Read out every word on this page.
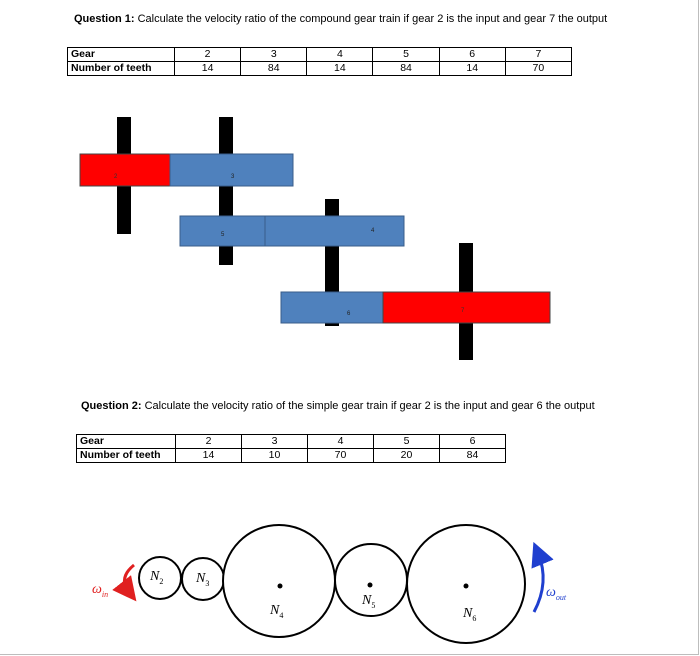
Question 1: Calculate the velocity ratio of the compound gear train if gear 2 is the input and gear 7 the output
Gear	2	3	4	5	6	7
Number of teeth	14	84	14	84	14	70
2	3
4
5
6	7
Question 2: Calculate the velocity ratio of the simple gear train if gear 2 is the input and gear 6 the output
Gear	2	3	4	5	6
Number of teeth	14	10	70	20	84
$\omega_{in}$	$\omega_{out}$
$N_2$ $N_3$
$N_4$
$N_5$
$N_6$
